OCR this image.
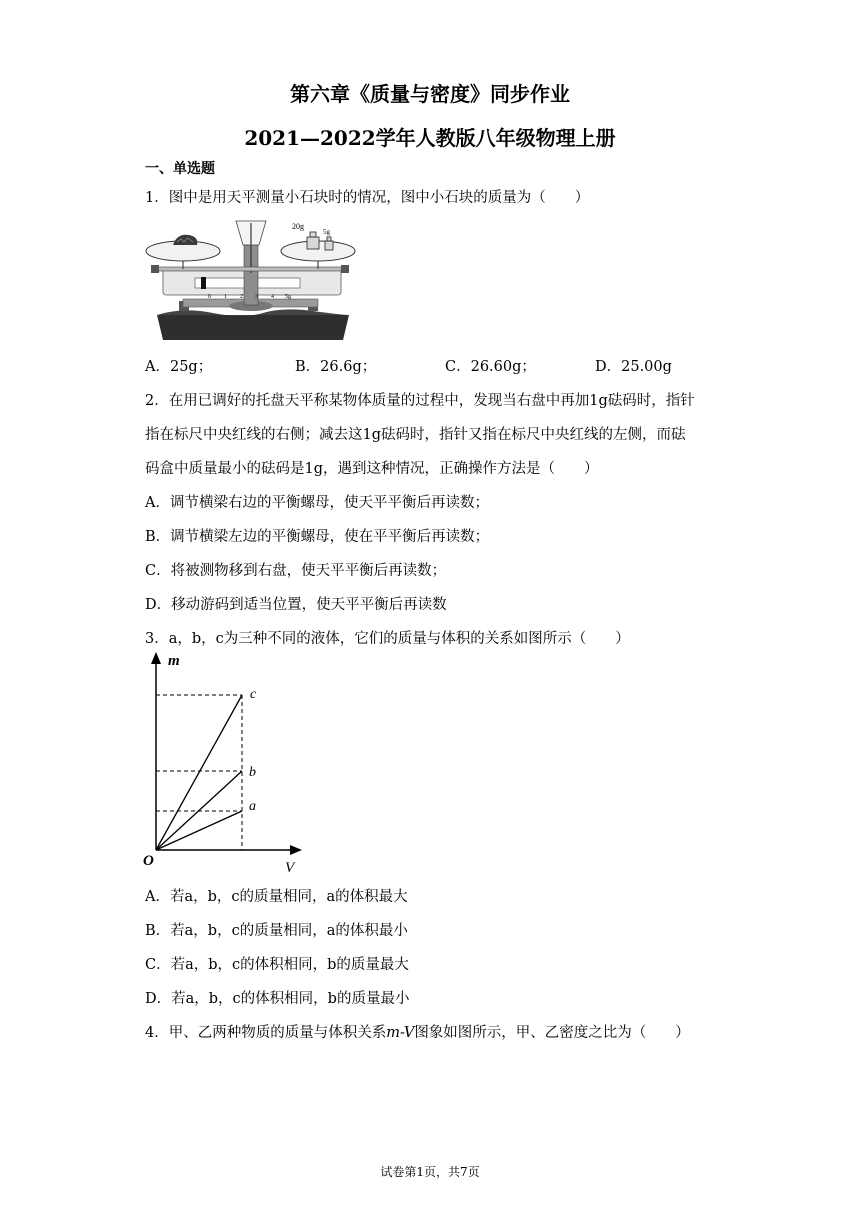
第六章《质量与密度》同步作业
2021—2022学年人教版八年级物理上册
一、单选题
1．图中是用天平测量小石块时的情况，图中小石块的质量为（　　）
20g
5g
0 1 2 3 4 5g
A．25g；	B．26.6g；	C．26.60g；	D．25.00g
2．在用已调好的托盘天平称某物体质量的过程中，发现当右盘中再加1g砝码时，指针
指在标尺中央红线的右侧；减去这1g砝码时，指针又指在标尺中央红线的左侧，而砝
码盒中质量最小的砝码是1g，遇到这种情况，正确操作方法是（　　）
A．调节横梁右边的平衡螺母，使天平平衡后再读数；
B．调节横梁左边的平衡螺母，使在平平衡后再读数；
C．将被测物移到右盘，使天平平衡后再读数；
D．移动游码到适当位置，使天平平衡后再读数
3．a，b，c为三种不同的液体，它们的质量与体积的关系如图所示（　　）
m
V
O
c
b
a
A．若a，b，c的质量相同，a的体积最大
B．若a，b，c的质量相同，a的体积最小
C．若a，b，c的体积相同，b的质量最大
D．若a，b，c的体积相同，b的质量最小
4．甲、乙两种物质的质量与体积关系m-V图象如图所示，甲、乙密度之比为（　　）
试卷第1页，共7页
